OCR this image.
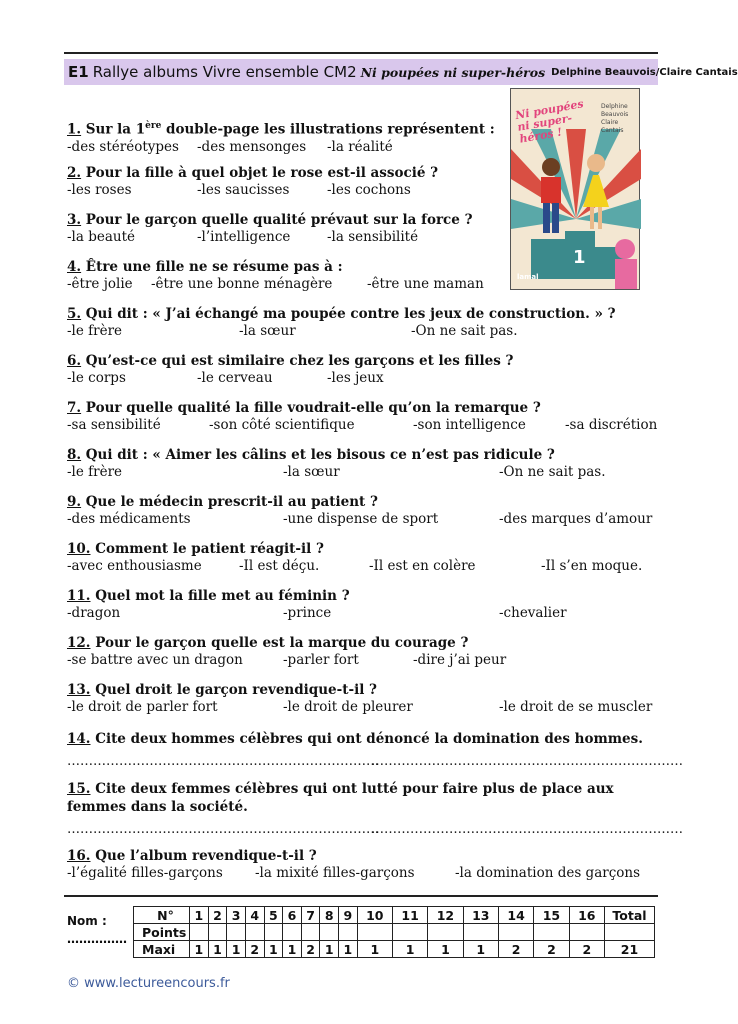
E1 Rallye albums Vivre ensemble CM2 Ni poupées ni super-héros Delphine Beauvois/Claire Cantais
Ni poupées ni super-héros !
Delphine Beauvois Claire Cantais
1
lamal
1. Sur la 1ère double-page les illustrations représentent :
-des stéréotypes -des mensonges -la réalité
2. Pour la fille à quel objet le rose est-il associé ?
-les roses	-les saucisses	-les cochons
3. Pour le garçon quelle qualité prévaut sur la force ?
-la beauté	-l’intelligence	-la sensibilité
4. Être une fille ne se résume pas à :
-être jolie -être une bonne ménagère	-être une maman
5. Qui dit : « J’ai échangé ma poupée contre les jeux de construction. » ?
-le frère	-la sœur	-On ne sait pas.
6. Qu’est-ce qui est similaire chez les garçons et les filles ?
-le corps	-le cerveau	-les jeux
7. Pour quelle qualité la fille voudrait-elle qu’on la remarque ?
-sa sensibilité	-son côté scientifique	-son intelligence	-sa discrétion
8. Qui dit : « Aimer les câlins et les bisous ce n’est pas ridicule ?
-le frère	-la sœur	-On ne sait pas.
9. Que le médecin prescrit-il au patient ?
-des médicaments	-une dispense de sport	-des marques d’amour
10. Comment le patient réagit-il ?
-avec enthousiasme	-Il est déçu.	-Il est en colère	-Il s’en moque.
11. Quel mot la fille met au féminin ?
-dragon	-prince	-chevalier
12. Pour le garçon quelle est la marque du courage ?
-se battre avec un dragon	-parler fort	-dire j’ai peur
13. Quel droit le garçon revendique-t-il ?
-le droit de parler fort	-le droit de pleurer	-le droit de se muscler
14. Cite deux hommes célèbres qui ont dénoncé la domination des hommes.
………………………………………………………………
………………………………………………………………
15. Cite deux femmes célèbres qui ont lutté pour faire plus de place aux femmes dans la société.
………………………………………………………………
………………………………………………………………
16. Que l’album revendique-t-il ?
-l’égalité filles-garçons -la mixité filles-garçons	-la domination des garçons
Nom :
……………
N°	1	2	3	4	5	6	7	8	9	10	11	12	13	14	15	16	Total
Points																	
Maxi	1	1	1	2	1	1	2	1	1	1	1	1	1	2	2	2	21
© www.lectureencours.fr
